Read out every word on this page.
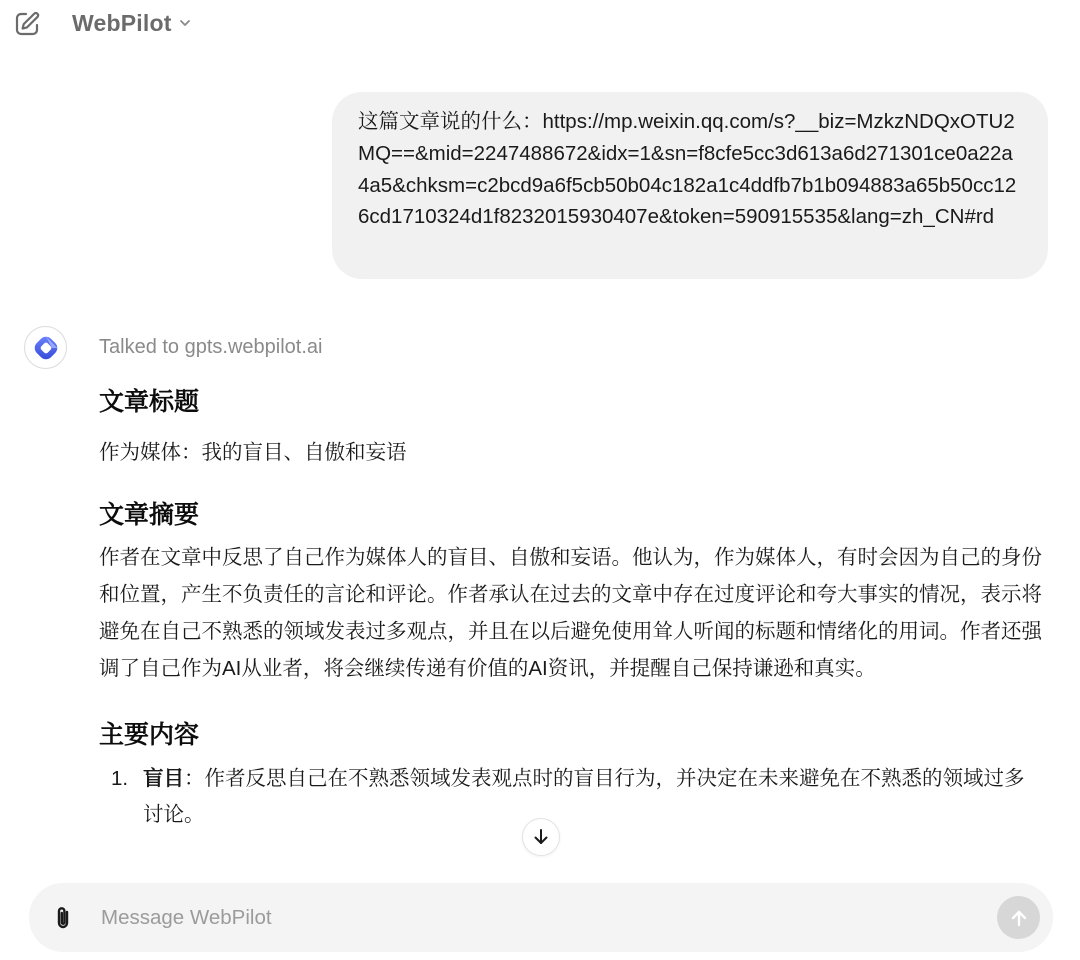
WebPilot
这篇文章说的什么：https://mp.weixin.qq.com/s?__biz=MzkzNDQxOTU2MQ==&mid=2247488672&idx=1&sn=f8cfe5cc3d613a6d271301ce0a22a4a5&chksm=c2bcd9a6f5cb50b04c182a1c4ddfb7b1b094883a65b50cc126cd1710324d1f8232015930407e&token=590915535&lang=zh_CN#rd
Talked to gpts.webpilot.ai
文章标题
作为媒体：我的盲目、自傲和妄语
文章摘要
作者在文章中反思了自己作为媒体人的盲目、自傲和妄语。他认为，作为媒体人，有时会因为自己的身份和位置，产生不负责任的言论和评论。作者承认在过去的文章中存在过度评论和夸大事实的情况，表示将避免在自己不熟悉的领域发表过多观点，并且在以后避免使用耸人听闻的标题和情绪化的用词。作者还强调了自己作为AI从业者，将会继续传递有价值的AI资讯，并提醒自己保持谦逊和真实。
主要内容
1. 盲目：作者反思自己在不熟悉领域发表观点时的盲目行为，并决定在未来避免在不熟悉的领域过多讨论。
Message WebPilot
